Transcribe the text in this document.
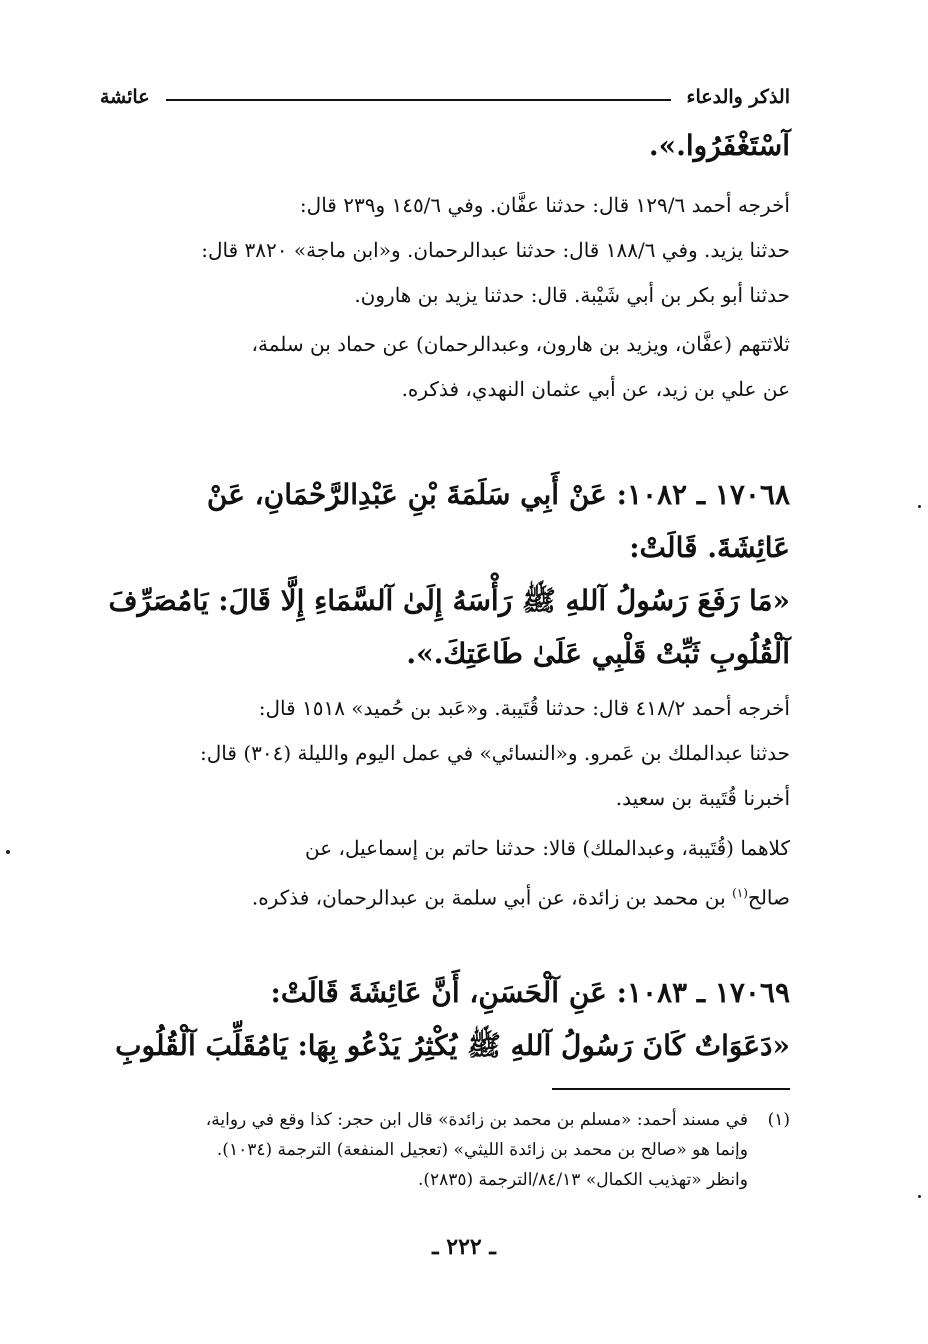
الذكر والدعاء
عائشة
آسْتَغْفَرُوا.».
أخرجه أحمد ١٢٩/٦ قال: حدثنا عفَّان. وفي ١٤٥/٦ و٢٣٩ قال:
حدثنا يزيد. وفي ١٨٨/٦ قال: حدثنا عبدالرحمان. و«ابن ماجة» ٣٨٢٠ قال:
حدثنا أبو بكر بن أبي شَيْبة. قال: حدثنا يزيد بن هارون.
ثلاثتهم (عفَّان، ويزيد بن هارون، وعبدالرحمان) عن حماد بن سلمة،
عن علي بن زيد، عن أبي عثمان النهدي، فذكره.
١٧٠٦٨ ـ ١٠٨٢: عَنْ أَبِي سَلَمَةَ بْنِ عَبْدِالرَّحْمَانِ، عَنْ
عَائِشَةَ. قَالَتْ:
«مَا رَفَعَ رَسُولُ آللهِ ﷺ رَأْسَهُ إِلَىٰ آلسَّمَاءِ إِلَّا قَالَ: يَامُصَرِّفَ
آلْقُلُوبِ ثَبِّتْ قَلْبِي عَلَىٰ طَاعَتِكَ.».
أخرجه أحمد ٤١٨/٢ قال: حدثنا قُتَيبة. و«عَبد بن حُميد» ١٥١٨ قال:
حدثنا عبدالملك بن عَمرو. و«النسائي» في عمل اليوم والليلة (٣٠٤) قال:
أخبرنا قُتَيبة بن سعيد.
كلاهما (قُتَيبة، وعبدالملك) قالا: حدثنا حاتم بن إسماعيل، عن
صالح$^{(١)}$ بن محمد بن زائدة، عن أبي سلمة بن عبدالرحمان، فذكره.
١٧٠٦٩ ـ ١٠٨٣: عَنِ آلْحَسَنِ، أَنَّ عَائِشَةَ قَالَتْ:
«دَعَوَاتٌ كَانَ رَسُولُ آللهِ ﷺ يُكْثِرُ يَدْعُو بِهَا: يَامُقَلِّبَ آلْقُلُوبِ
(١)
في مسند أحمد: «مسلم بن محمد بن زائدة» قال ابن حجر: كذا وقع في رواية،
وإنما هو «صالح بن محمد بن زائدة الليثي» (تعجيل المنفعة) الترجمة (١٠٣٤).
وانظر «تهذيب الكمال» ٨٤/١٣/الترجمة (٢٨٣٥).
ـ ٢٢٢ ـ
